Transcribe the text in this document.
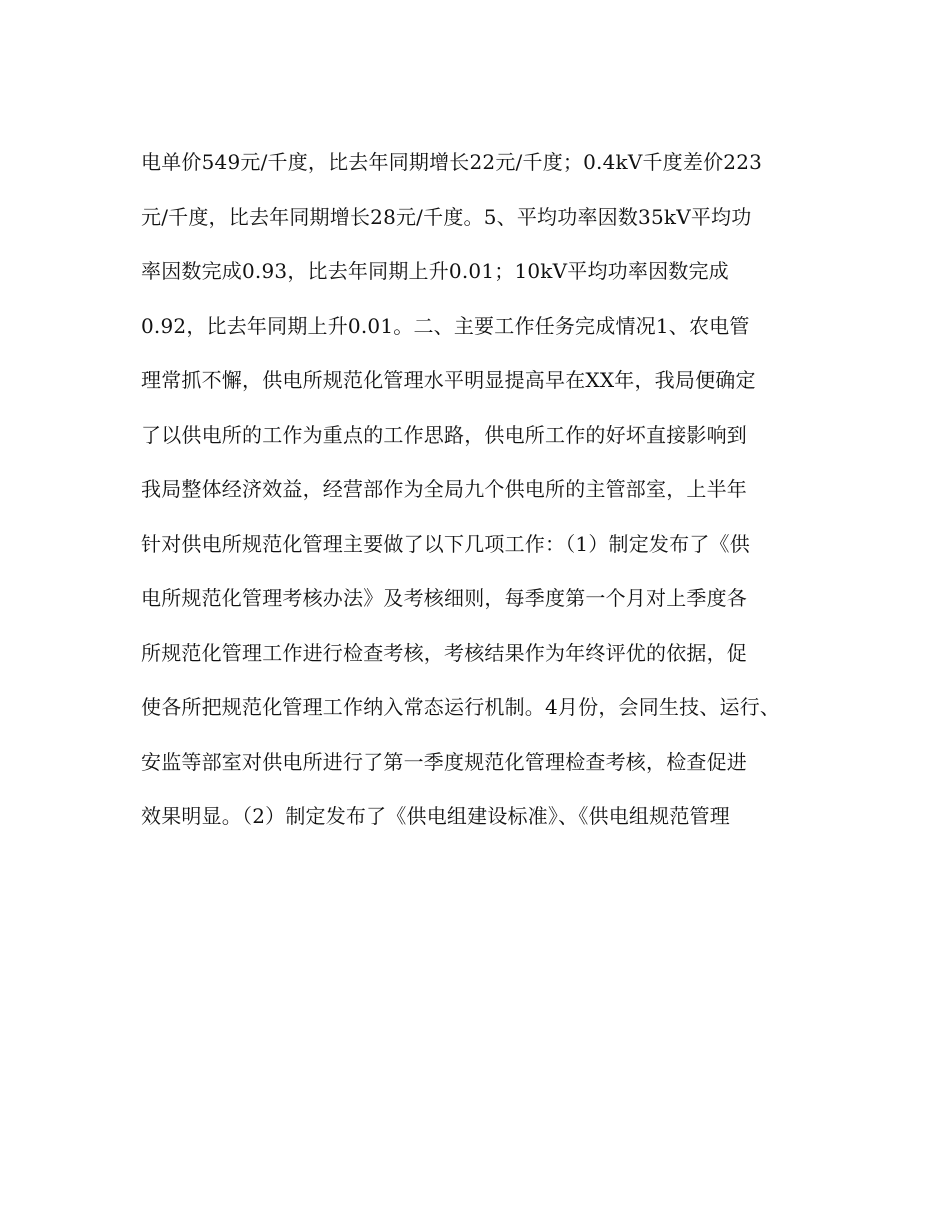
电单价549元/千度，比去年同期增长22元/千度；0.4kV千度差价223
元/千度，比去年同期增长28元/千度。5、平均功率因数35kV平均功
率因数完成0.93，比去年同期上升0.01；10kV平均功率因数完成
0.92，比去年同期上升0.01。二、主要工作任务完成情况1、农电管
理常抓不懈，供电所规范化管理水平明显提高早在XX年，我局便确定
了以供电所的工作为重点的工作思路，供电所工作的好坏直接影响到
我局整体经济效益，经营部作为全局九个供电所的主管部室，上半年
针对供电所规范化管理主要做了以下几项工作：（1）制定发布了《供
电所规范化管理考核办法》及考核细则，每季度第一个月对上季度各
所规范化管理工作进行检查考核，考核结果作为年终评优的依据，促
使各所把规范化管理工作纳入常态运行机制。4月份，会同生技、运行、
安监等部室对供电所进行了第一季度规范化管理检查考核，检查促进
效果明显。（2）制定发布了《供电组建设标准》、《供电组规范管理
